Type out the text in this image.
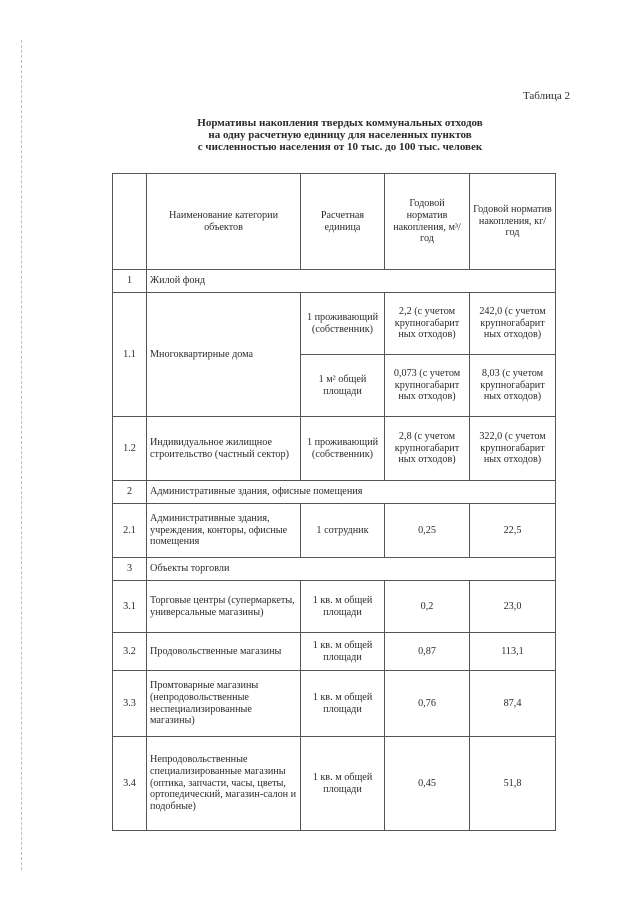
Таблица 2
Нормативы накопления твердых коммунальных отходов
на одну расчетную единицу для населенных пунктов
с численностью населения от 10 тыс. до 100 тыс. человек
	Наименование категории объектов	Расчетная единица	Годовой норматив накопления, м³/год	Годовой норматив накопления, кг/год
1	Жилой фонд			
1.1	Многоквартирные дома	1 проживающий (собственник)	2,2 (с учетом крупногабарит ных отходов)	242,0 (с учетом крупногабарит ных отходов)
		1 м² общей площади	0,073 (с учетом крупногабарит ных отходов)	8,03 (с учетом крупногабарит ных отходов)
1.2	Индивидуальное жилищное строительство (частный сектор)	1 проживающий (собственник)	2,8 (с учетом крупногабарит ных отходов)	322,0 (с учетом крупногабарит ных отходов)
2	Административные здания, офисные помещения			
2.1	Административные здания, учреждения, конторы, офисные помещения	1 сотрудник	0,25	22,5
3	Объекты торговли			
3.1	Торговые центры (супермаркеты, универсальные магазины)	1 кв. м общей площади	0,2	23,0
3.2	Продовольственные магазины	1 кв. м общей площади	0,87	113,1
3.3	Промтоварные магазины (непродовольственные неспециализированные магазины)	1 кв. м общей площади	0,76	87,4
3.4	Непродовольственные специализированные магазины (оптика, запчасти, часы, цветы, ортопедический, магазин-салон и подобные)	1 кв. м общей площади	0,45	51,8
